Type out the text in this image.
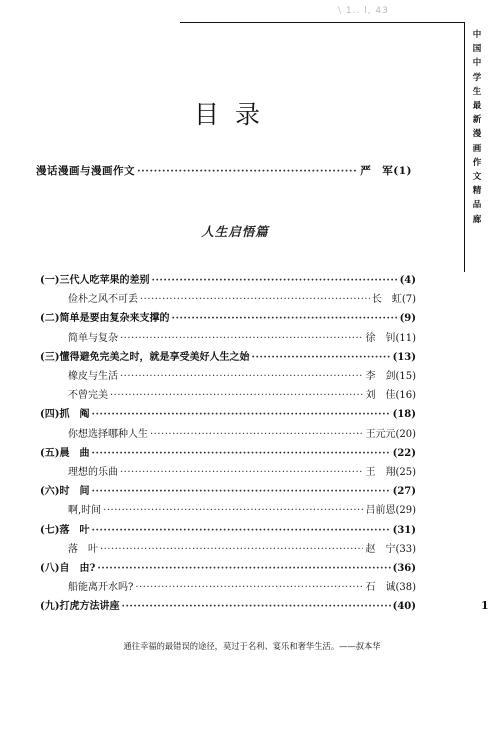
\ 1.. l, 43
中国中学生最新漫画作文精品廊
1
目录
漫话漫画与漫画作文 ·····	严　军 (1)
人生启悟篇
(一)三代人吃苹果的差别 ·····	(4)
俭朴之风不可丢 ·····	长　虹 (7)
(二)简单是要由复杂来支撑的 ·····	(9)
简单与复杂 ·····	徐　钊 (11)
(三)懂得避免完美之时，就是享受美好人生之始 ·····	(13)
橡皮与生活 ·····	李　剑 (15)
不曾完美 ·····	刘　佳 (16)
(四)抓　阄 ·····	(18)
你想选择哪种人生 ·····	王元元 (20)
(五)晨　曲 ·····	(22)
理想的乐曲 ·····	王　翔 (25)
(六)时　间 ·····	(27)
啊,时间 ·····	吕前恩 (29)
(七)落　叶 ·····	(31)
落　叶 ·····	赵　宁 (33)
(八)自　由? ·····	(36)
船能离开水吗? ·····	石　诚 (38)
(九)打虎方法讲座 ·····	(40)
通往幸福的最错误的途径，莫过于名利、宴乐和奢华生活。——叔本华
